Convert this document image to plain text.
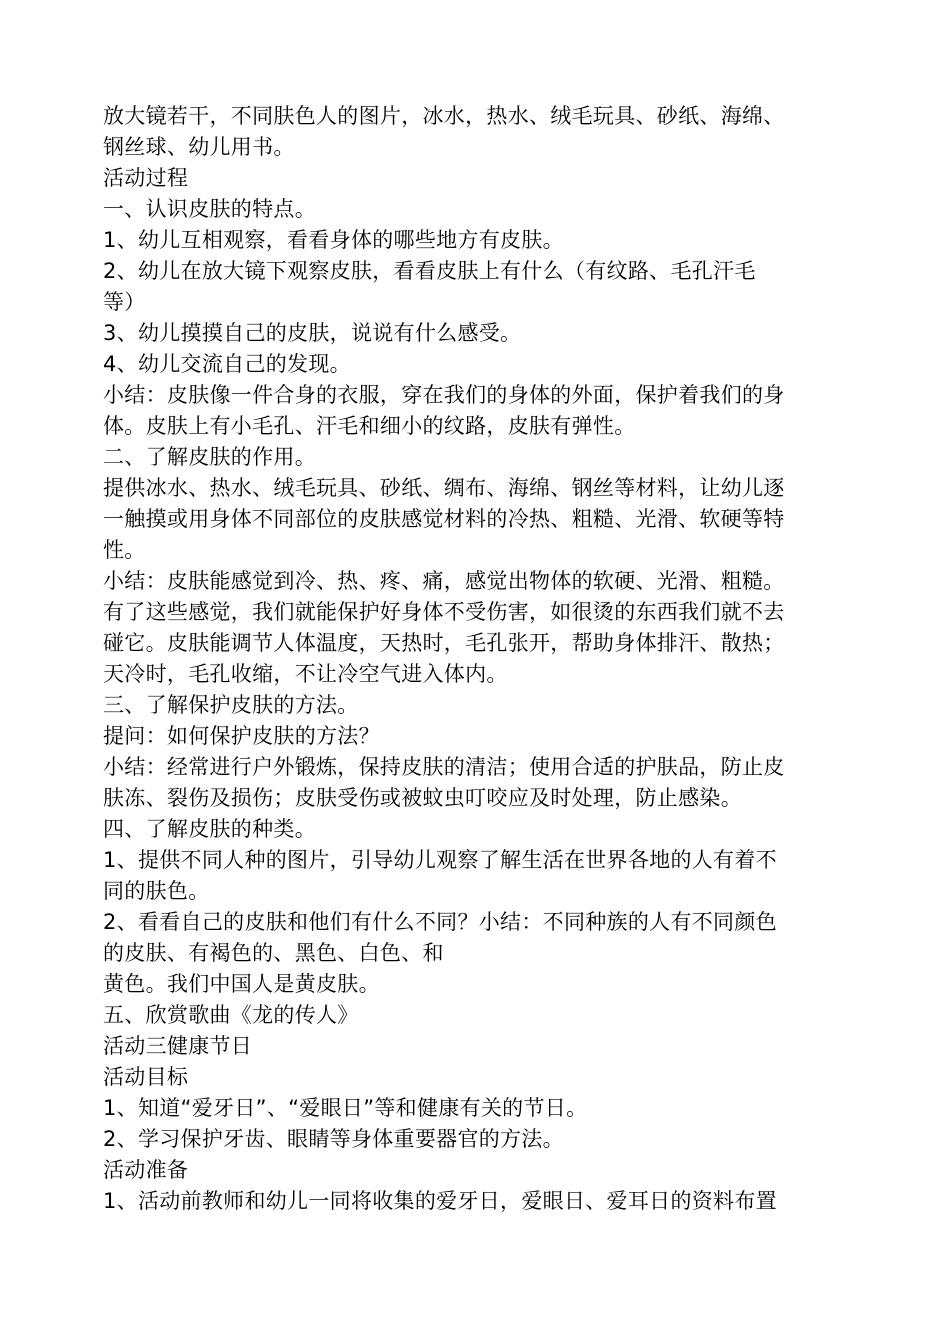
放大镜若干，不同肤色人的图片，冰水，热水、绒毛玩具、砂纸、海绵、
钢丝球、幼儿用书。
活动过程
一、认识皮肤的特点。
1、幼儿互相观察，看看身体的哪些地方有皮肤。
2、幼儿在放大镜下观察皮肤，看看皮肤上有什么（有纹路、毛孔汗毛
等）
3、幼儿摸摸自己的皮肤，说说有什么感受。
4、幼儿交流自己的发现。
小结：皮肤像一件合身的衣服，穿在我们的身体的外面，保护着我们的身
体。皮肤上有小毛孔、汗毛和细小的纹路，皮肤有弹性。
二、了解皮肤的作用。
提供冰水、热水、绒毛玩具、砂纸、绸布、海绵、钢丝等材料，让幼儿逐
一触摸或用身体不同部位的皮肤感觉材料的冷热、粗糙、光滑、软硬等特
性。
小结：皮肤能感觉到冷、热、疼、痛，感觉出物体的软硬、光滑、粗糙。
有了这些感觉，我们就能保护好身体不受伤害，如很烫的东西我们就不去
碰它。皮肤能调节人体温度，天热时，毛孔张开，帮助身体排汗、散热；
天冷时，毛孔收缩，不让冷空气进入体内。
三、了解保护皮肤的方法。
提问：如何保护皮肤的方法？
小结：经常进行户外锻炼，保持皮肤的清洁；使用合适的护肤品，防止皮
肤冻、裂伤及损伤；皮肤受伤或被蚊虫叮咬应及时处理，防止感染。
四、了解皮肤的种类。
1、提供不同人种的图片，引导幼儿观察了解生活在世界各地的人有着不
同的肤色。
2、看看自己的皮肤和他们有什么不同？小结：不同种族的人有不同颜色
的皮肤、有褐色的、黑色、白色、和
黄色。我们中国人是黄皮肤。
五、欣赏歌曲《龙的传人》
活动三健康节日
活动目标
1、知道“爱牙日”、“爱眼日”等和健康有关的节日。
2、学习保护牙齿、眼睛等身体重要器官的方法。
活动准备
1、活动前教师和幼儿一同将收集的爱牙日，爱眼日、爱耳日的资料布置
